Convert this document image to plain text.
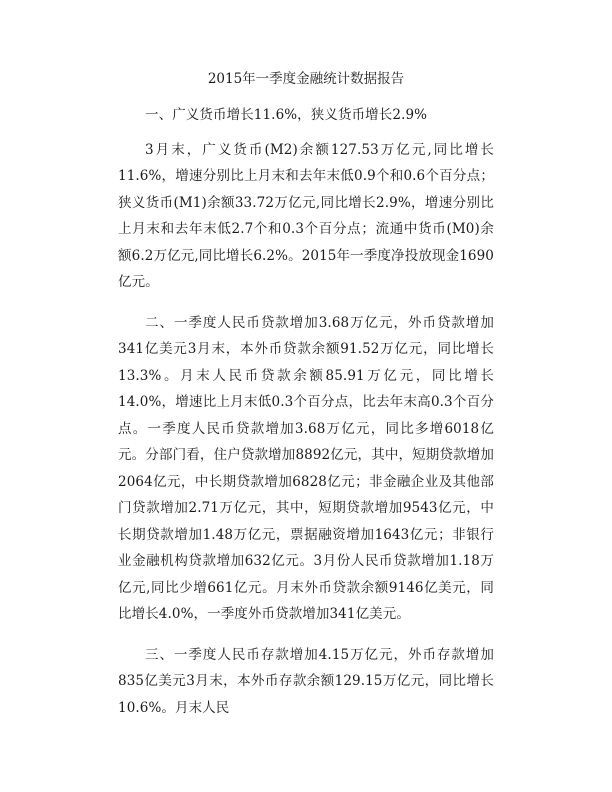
2015年一季度金融统计数据报告

一、广义货币增长11.6%，狭义货币增长2.9%

3月末，广义货币(M2)余额127.53万亿元,同比增长11.6%，增速分别比上月末和去年末低0.9个和0.6个百分点；狭义货币(M1)余额33.72万亿元,同比增长2.9%，增速分别比上月末和去年末低2.7个和0.3个百分点；流通中货币(M0)余额6.2万亿元,同比增长6.2%。2015年一季度净投放现金1690亿元。

二、一季度人民币贷款增加3.68万亿元，外币贷款增加341亿美元3月末，本外币贷款余额91.52万亿元，同比增长13.3%。月末人民币贷款余额85.91万亿元，同比增长14.0%，增速比上月末低0.3个百分点，比去年末高0.3个百分点。一季度人民币贷款增加3.68万亿元，同比多增6018亿元。分部门看，住户贷款增加8892亿元，其中，短期贷款增加2064亿元，中长期贷款增加6828亿元；非金融企业及其他部门贷款增加2.71万亿元，其中，短期贷款增加9543亿元，中长期贷款增加1.48万亿元，票据融资增加1643亿元；非银行业金融机构贷款增加632亿元。3月份人民币贷款增加1.18万亿元,同比少增661亿元。月末外币贷款余额9146亿美元，同比增长4.0%，一季度外币贷款增加341亿美元。

三、一季度人民币存款增加4.15万亿元，外币存款增加835亿美元3月末，本外币存款余额129.15万亿元，同比增长10.6%。月末人民
